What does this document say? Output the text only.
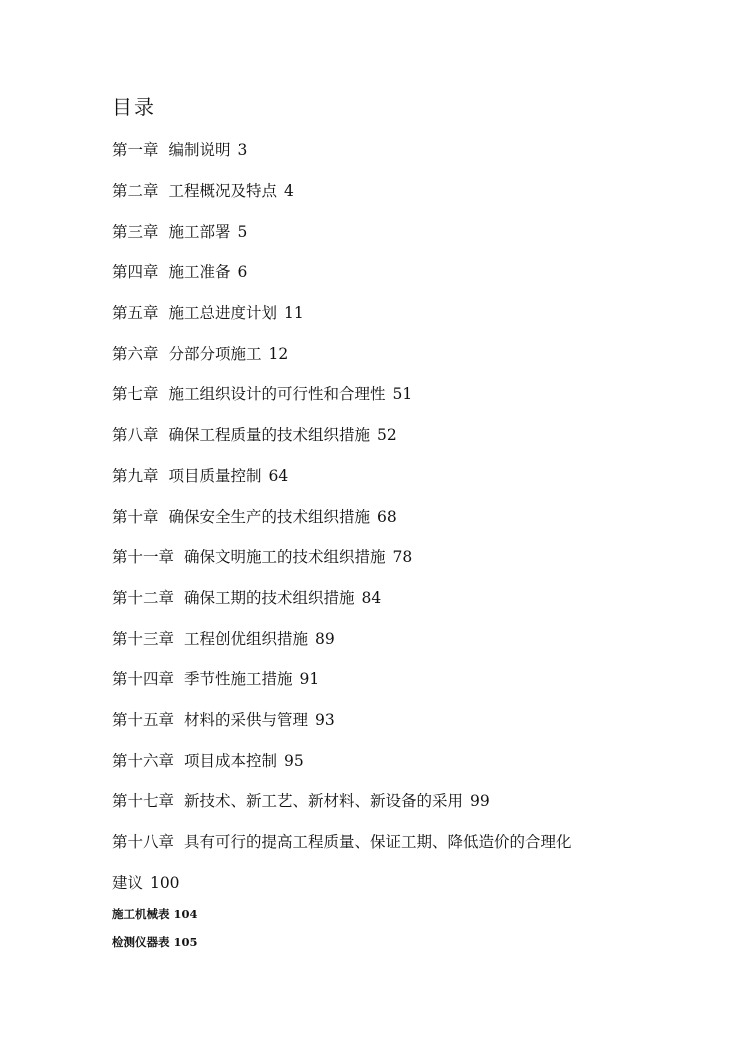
目录
第一章 编制说明 3
第二章 工程概况及特点 4
第三章 施工部署 5
第四章 施工准备 6
第五章 施工总进度计划 11
第六章 分部分项施工 12
第七章 施工组织设计的可行性和合理性 51
第八章 确保工程质量的技术组织措施 52
第九章 项目质量控制 64
第十章 确保安全生产的技术组织措施 68
第十一章 确保文明施工的技术组织措施 78
第十二章 确保工期的技术组织措施 84
第十三章 工程创优组织措施 89
第十四章 季节性施工措施 91
第十五章 材料的采供与管理 93
第十六章 项目成本控制 95
第十七章 新技术、新工艺、新材料、新设备的采用 99
第十八章 具有可行的提高工程质量、保证工期、降低造价的合理化
建议 100
施工机械表 104
检测仪器表 105
